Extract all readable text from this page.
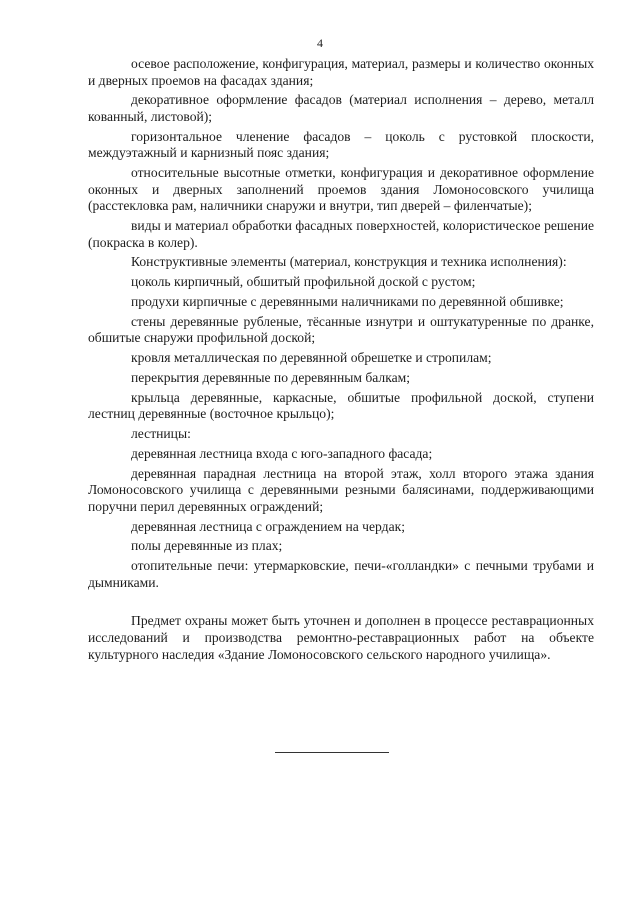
4

осевое расположение, конфигурация, материал, размеры и количество оконных и дверных проемов на фасадах здания;

декоративное оформление фасадов (материал исполнения – дерево, металл кованный, листовой);

горизонтальное членение фасадов – цоколь с рустовкой плоскости, междуэтажный и карнизный пояс здания;

относительные высотные отметки, конфигурация и декоративное оформление оконных и дверных заполнений проемов здания Ломоносовского училища (расстекловка рам, наличники снаружи и внутри, тип дверей – филенчатые);

виды и материал обработки фасадных поверхностей, колористическое решение (покраска в колер).

Конструктивные элементы (материал, конструкция и техника исполнения):

цоколь кирпичный, обшитый профильной доской с рустом;

продухи кирпичные с деревянными наличниками по деревянной обшивке;

стены деревянные рубленые, тёсанные изнутри и оштукатуренные по дранке, обшитые снаружи профильной доской;

кровля металлическая по деревянной обрешетке и стропилам;

перекрытия деревянные по деревянным балкам;

крыльца деревянные, каркасные, обшитые профильной доской, ступени лестниц деревянные (восточное крыльцо);

лестницы:

деревянная лестница входа с юго-западного фасада;

деревянная парадная лестница на второй этаж, холл второго этажа здания Ломоносовского училища с деревянными резными балясинами, поддерживающими поручни перил деревянных ограждений;

деревянная лестница с ограждением на чердак;

полы деревянные из плах;

отопительные печи: утермарковские, печи-«голландки» с печными трубами и дымниками.

Предмет охраны может быть уточнен и дополнен в процессе реставрационных исследований и производства ремонтно-реставрационных работ на объекте культурного наследия «Здание Ломоносовского сельского народного училища».
